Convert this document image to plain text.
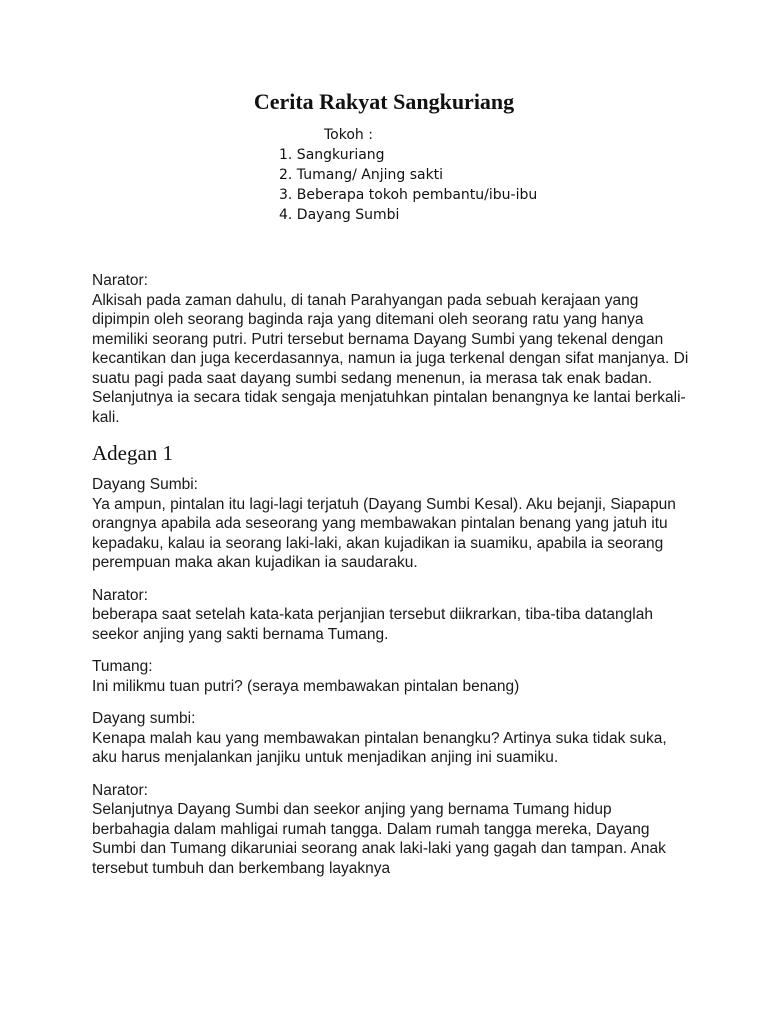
Cerita Rakyat Sangkuriang
Tokoh :
1. Sangkuriang
2. Tumang/ Anjing sakti
3. Beberapa tokoh pembantu/ibu-ibu
4. Dayang Sumbi
Narator:
Alkisah pada zaman dahulu, di tanah Parahyangan pada sebuah kerajaan yang dipimpin oleh seorang baginda raja yang ditemani oleh seorang ratu yang hanya memiliki seorang putri. Putri tersebut bernama Dayang Sumbi yang tekenal dengan kecantikan dan juga kecerdasannya, namun ia juga terkenal dengan sifat manjanya. Di suatu pagi pada saat dayang sumbi sedang menenun, ia merasa tak enak badan. Selanjutnya ia secara tidak sengaja menjatuhkan pintalan benangnya ke lantai berkali-kali.
Adegan 1
Dayang Sumbi:
Ya ampun, pintalan itu lagi-lagi terjatuh (Dayang Sumbi Kesal). Aku bejanji, Siapapun orangnya apabila ada seseorang yang membawakan pintalan benang yang jatuh itu kepadaku, kalau ia seorang laki-laki, akan kujadikan ia suamiku, apabila ia seorang perempuan maka akan kujadikan ia saudaraku.
Narator:
beberapa saat setelah kata-kata perjanjian tersebut diikrarkan, tiba-tiba datanglah seekor anjing yang sakti bernama Tumang.
Tumang:
Ini milikmu tuan putri? (seraya membawakan pintalan benang)
Dayang sumbi:
Kenapa malah kau yang membawakan pintalan benangku? Artinya suka tidak suka, aku harus menjalankan janjiku untuk menjadikan anjing ini suamiku.
Narator:
Selanjutnya Dayang Sumbi dan seekor anjing yang bernama Tumang hidup berbahagia dalam mahligai rumah tangga. Dalam rumah tangga mereka, Dayang Sumbi dan Tumang dikaruniai seorang anak laki-laki yang gagah dan tampan. Anak tersebut tumbuh dan berkembang layaknya
